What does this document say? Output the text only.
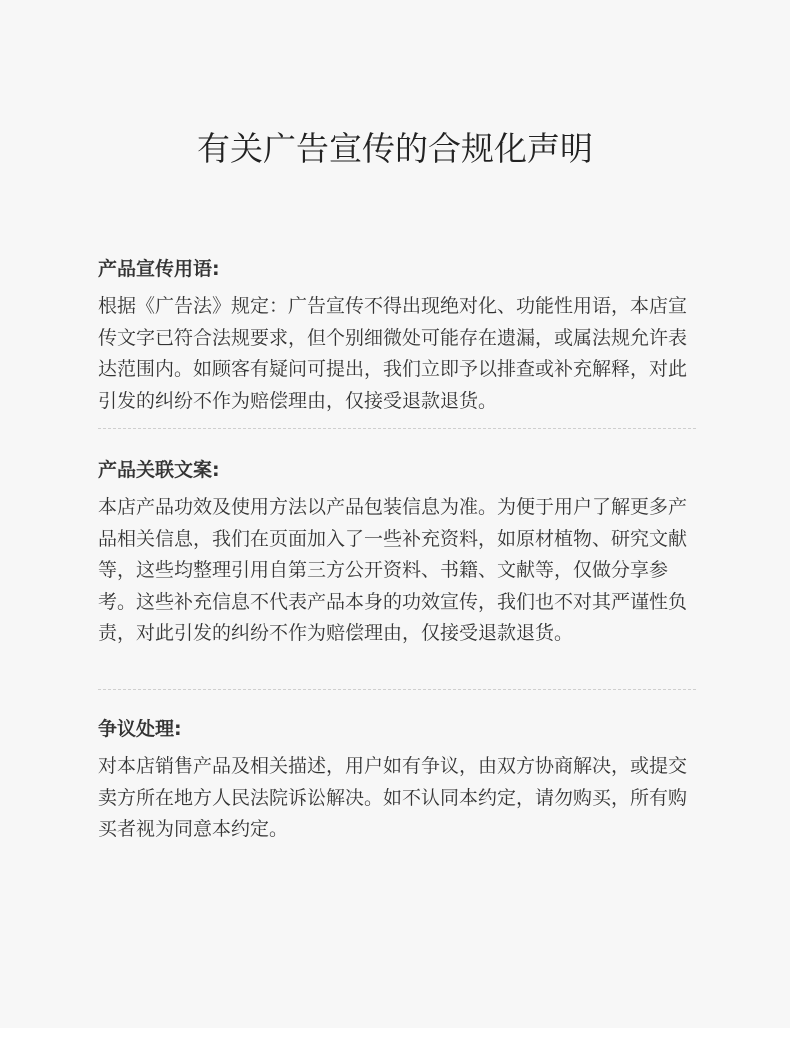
有关广告宣传的合规化声明

产品宣传用语:

根据《广告法》规定：广告宣传不得出现绝对化、功能性用语，本店宣传文字已符合法规要求，但个别细微处可能存在遗漏，或属法规允许表达范围内。如顾客有疑问可提出，我们立即予以排查或补充解释，对此引发的纠纷不作为赔偿理由，仅接受退款退货。

产品关联文案:

本店产品功效及使用方法以产品包装信息为准。为便于用户了解更多产品相关信息，我们在页面加入了一些补充资料，如原材植物、研究文献等，这些均整理引用自第三方公开资料、书籍、文献等，仅做分享参考。这些补充信息不代表产品本身的功效宣传，我们也不对其严谨性负责，对此引发的纠纷不作为赔偿理由，仅接受退款退货。

争议处理:

对本店销售产品及相关描述，用户如有争议，由双方协商解决，或提交卖方所在地方人民法院诉讼解决。如不认同本约定，请勿购买，所有购买者视为同意本约定。
